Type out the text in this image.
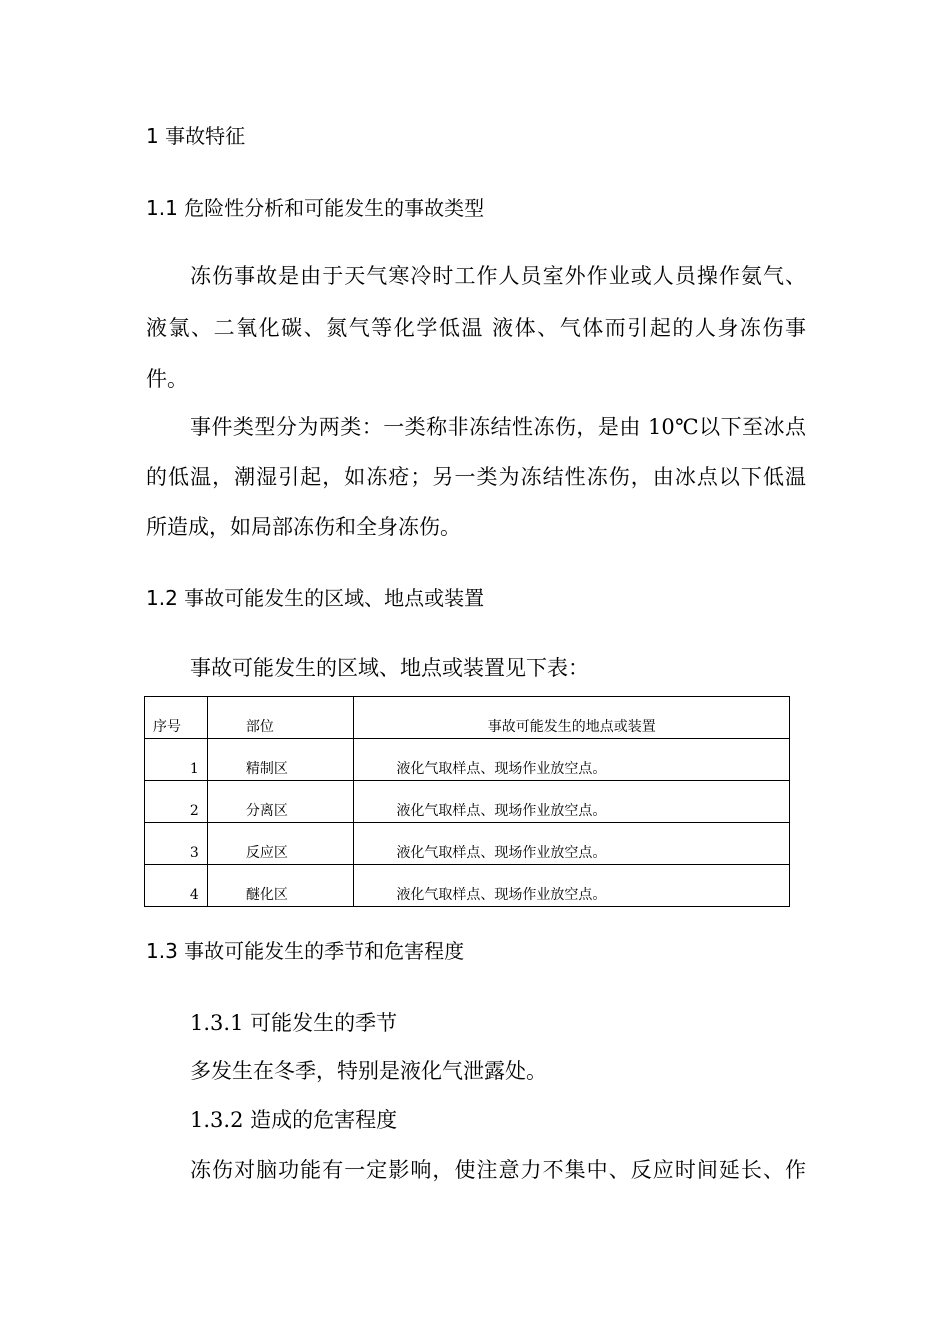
1 事故特征
1.1 危险性分析和可能发生的事故类型
冻伤事故是由于天气寒冷时工作人员室外作业或人员操作氨气、
液氯、二氧化碳、氮气等化学低温 液体、气体而引起的人身冻伤事
件。
事件类型分为两类：一类称非冻结性冻伤，是由 10℃以下至冰点
的低温，潮湿引起，如冻疮；另一类为冻结性冻伤，由冰点以下低温
所造成，如局部冻伤和全身冻伤。
1.2 事故可能发生的区域、地点或装置
事故可能发生的区域、地点或装置见下表：
序号	部位	事故可能发生的地点或装置

1	精制区	液化气取样点、现场作业放空点。

2	分离区	液化气取样点、现场作业放空点。

3	反应区	液化气取样点、现场作业放空点。

4	醚化区	液化气取样点、现场作业放空点。
1.3 事故可能发生的季节和危害程度
1.3.1 可能发生的季节
多发生在冬季，特别是液化气泄露处。
1.3.2 造成的危害程度
冻伤对脑功能有一定影响，使注意力不集中、反应时间延长、作
